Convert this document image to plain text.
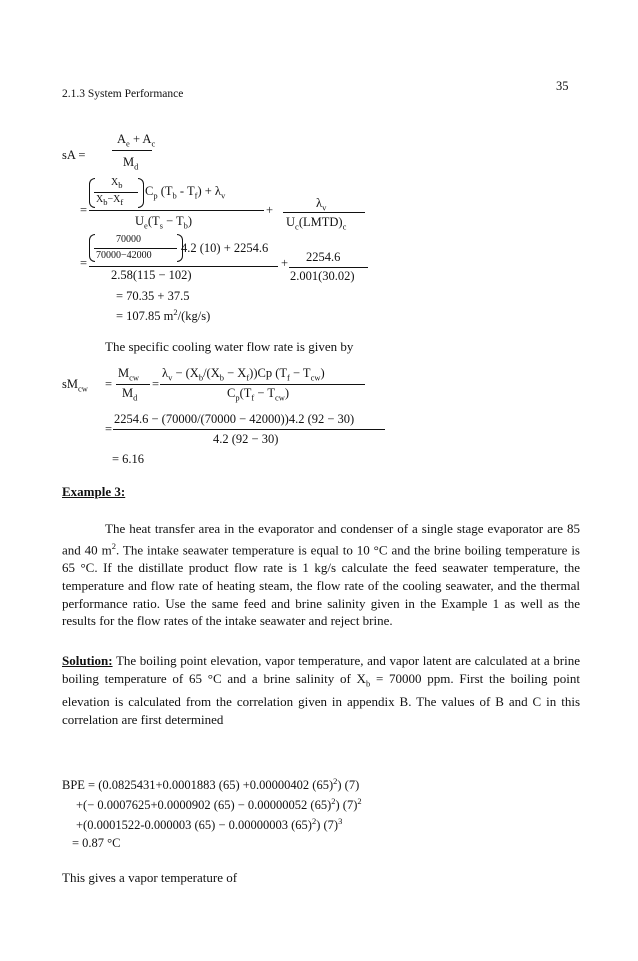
2.1.3 System Performance
35
sA =
$A_e + A_c$
$M_d$
=
$X_b$
$X_b-X_f$
$C_p$ $(T_b - T_f) + \lambda_v$
$U_e(T_s - T_b)$
+	$\lambda_v$
$U_c(LMTD)_c$
=
70000
70000−42000
4.2 (10) + 2254.6
2.58(115 − 102)
+ 2254.6
2.001(30.02)
= 70.35 + 37.5
= 107.85 $m^2/(kg/s)$
The specific cooling water flow rate is given by
$sM_{cw}$ =
$M_{cw}$
$M_d$
=
$\lambda_v - (X_b/(X_b - X_f))Cp$ $(T_f - T_{cw})$
$C_p(T_f - T_{cw})$
=
2254.6 − (70000/(70000 − 42000))4.2 (92 − 30)
4.2 (92 − 30)
= 6.16
Example 3:

The heat transfer area in the evaporator and condenser of a single stage evaporator are 85 and 40 $m^2$. The intake seawater temperature is equal to 10 °C and the brine boiling temperature is 65 °C. If the distillate product flow rate is 1 kg/s calculate the feed seawater temperature, the temperature and flow rate of heating steam, the flow rate of the cooling seawater, and the thermal performance ratio. Use the same feed and brine salinity given in the Example 1 as well as the results for the flow rates of the intake seawater and reject brine.

Solution: The boiling point elevation, vapor temperature, and vapor latent are calculated at a brine boiling temperature of 65 °C and a brine salinity of $X_b = 70000$ ppm. First the boiling point elevation is calculated from the correlation given in appendix B. The values of B and C in this correlation are first determined

BPE = (0.0825431+0.0001883 (65) +0.00000402 $(65)^2$) (7)
+(− 0.0007625+0.0000902 (65) − 0.00000052 $(65)^2$) $(7)^2$
+(0.0001522-0.000003 (65) − 0.00000003 $(65)^2$) $(7)^3$
= 0.87 °C
This gives a vapor temperature of
